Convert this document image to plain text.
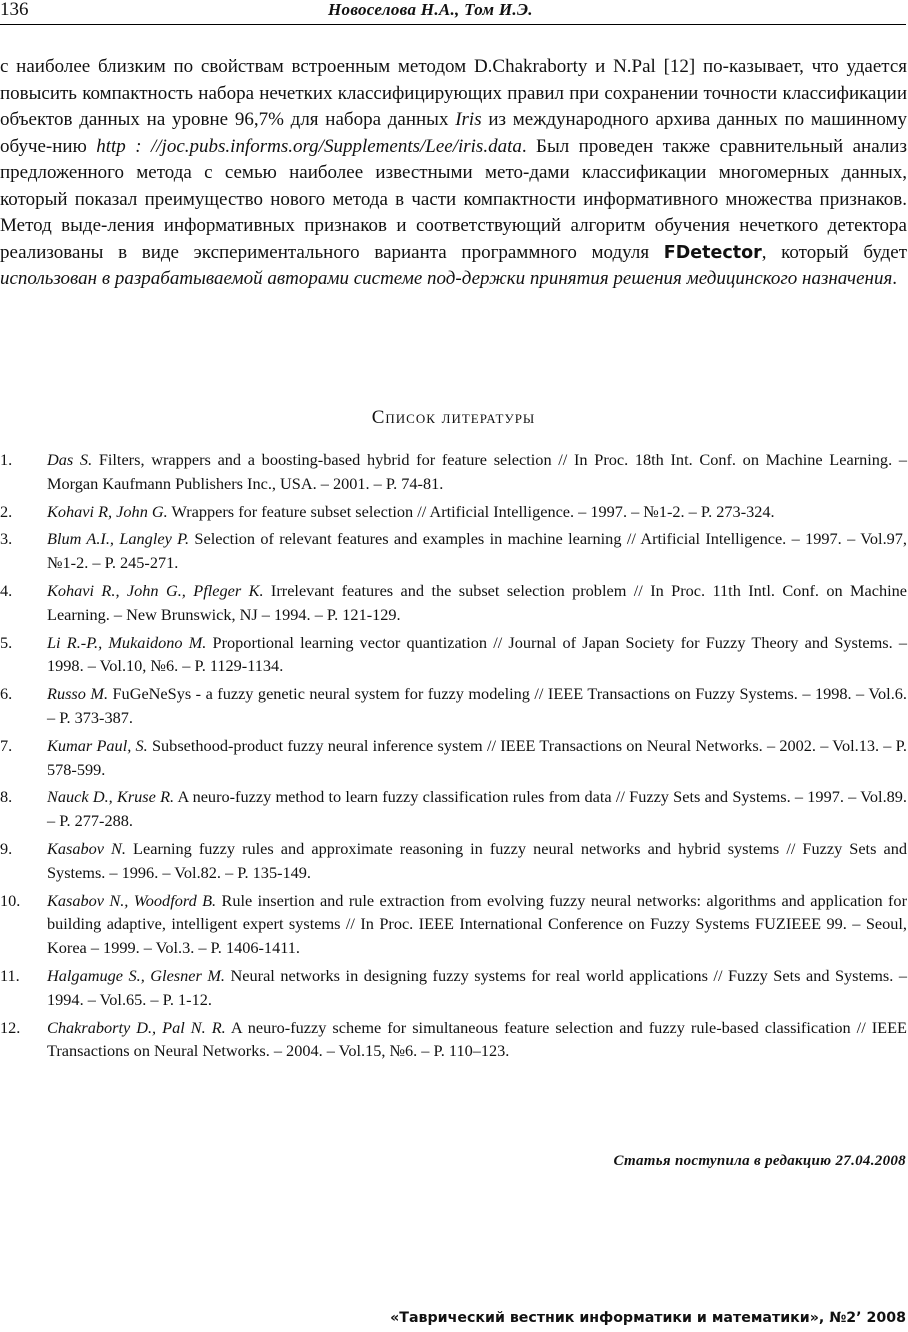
136	Новоселова Н.А., Том И.Э.

с наиболее близким по свойствам встроенным методом D.Chakraborty и N.Pal [12] по-казывает, что удается повысить компактность набора нечетких классифицирующих правил при сохранении точности классификации объектов данных на уровне 96,7% для набора данных Iris из международного архива данных по машинному обуче-нию http : //joc.pubs.informs.org/Supplements/Lee/iris.data. Был проведен также сравнительный анализ предложенного метода с семью наиболее известными мето-дами классификации многомерных данных, который показал преимущество нового метода в части компактности информативного множества признаков. Метод выде-ления информативных признаков и соответствующий алгоритм обучения нечеткого детектора реализованы в виде экспериментального варианта программного модуля FDetector, который будет использован в разрабатываемой авторами системе под-держки принятия решения медицинского назначения.

Список литературы
1. Das S. Filters, wrappers and a boosting-based hybrid for feature selection // In Proc. 18th Int. Conf. on Machine Learning. – Morgan Kaufmann Publishers Inc., USA. – 2001. – P. 74-81.
2. Kohavi R, John G. Wrappers for feature subset selection // Artificial Intelligence. – 1997. – №1-2. – P. 273-324.
3. Blum A.I., Langley P. Selection of relevant features and examples in machine learning // Artificial Intelligence. – 1997. – Vol.97, №1-2. – P. 245-271.
4. Kohavi R., John G., Pfleger K. Irrelevant features and the subset selection problem // In Proc. 11th Intl. Conf. on Machine Learning. – New Brunswick, NJ – 1994. – P. 121-129.
5. Li R.-P., Mukaidono M. Proportional learning vector quantization // Journal of Japan Society for Fuzzy Theory and Systems. – 1998. – Vol.10, №6. – P. 1129-1134.
6. Russo M. FuGeNeSys - a fuzzy genetic neural system for fuzzy modeling // IEEE Transactions on Fuzzy Systems. – 1998. – Vol.6. – P. 373-387.
7. Kumar Paul, S. Subsethood-product fuzzy neural inference system // IEEE Transactions on Neural Networks. – 2002. – Vol.13. – P. 578-599.
8. Nauck D., Kruse R. A neuro-fuzzy method to learn fuzzy classification rules from data // Fuzzy Sets and Systems. – 1997. – Vol.89. – P. 277-288.
9. Kasabov N. Learning fuzzy rules and approximate reasoning in fuzzy neural networks and hybrid systems // Fuzzy Sets and Systems. – 1996. – Vol.82. – P. 135-149.
10. Kasabov N., Woodford B. Rule insertion and rule extraction from evolving fuzzy neural networks: algorithms and application for building adaptive, intelligent expert systems // In Proc. IEEE International Conference on Fuzzy Systems FUZIEEE 99. – Seoul, Korea – 1999. – Vol.3. – P. 1406-1411.
11. Halgamuge S., Glesner M. Neural networks in designing fuzzy systems for real world applications // Fuzzy Sets and Systems. – 1994. – Vol.65. – P. 1-12.
12. Chakraborty D., Pal N. R. A neuro-fuzzy scheme for simultaneous feature selection and fuzzy rule-based classification // IEEE Transactions on Neural Networks. – 2004. – Vol.15, №6. – P. 110–123.
Статья поступила в редакцию 27.04.2008
«Таврический вестник информатики и математики», №2’ 2008
